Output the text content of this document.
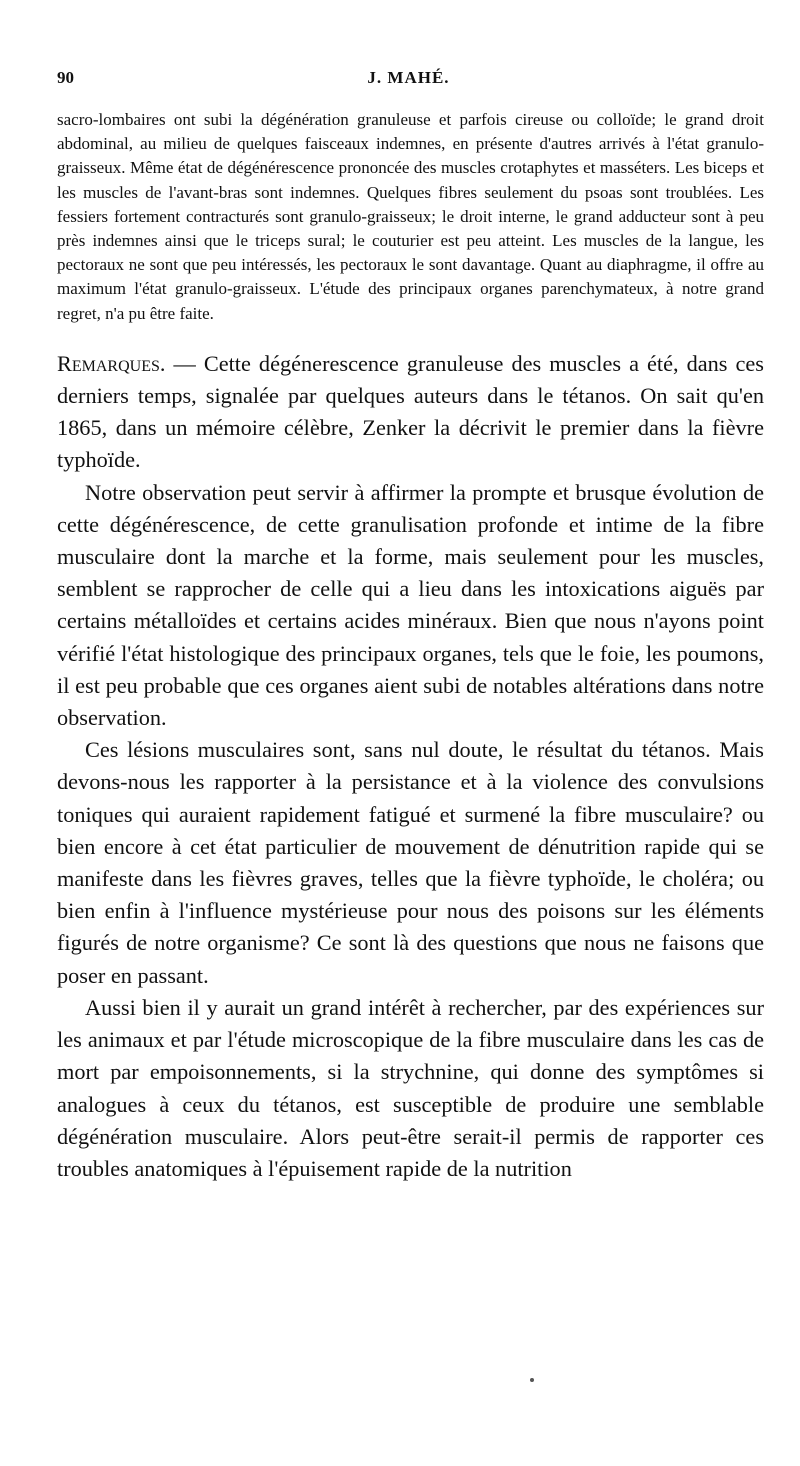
90	J. MAHÉ.

sacro-lombaires ont subi la dégénération granuleuse et parfois cireuse ou colloïde; le grand droit abdominal, au milieu de quelques faisceaux indemnes, en présente d'autres arrivés à l'état granulo-graisseux. Même état de dégénérescence prononcée des muscles crotaphytes et masséters. Les biceps et les muscles de l'avant-bras sont indemnes. Quelques fibres seulement du psoas sont troublées. Les fessiers fortement contracturés sont granulo-graisseux; le droit interne, le grand adducteur sont à peu près indemnes ainsi que le triceps sural; le couturier est peu atteint. Les muscles de la langue, les pectoraux ne sont que peu intéressés, les pectoraux le sont davantage. Quant au diaphragme, il offre au maximum l'état granulo-graisseux. L'étude des principaux organes parenchymateux, à notre grand regret, n'a pu être faite.

Remarques. — Cette dégénerescence granuleuse des muscles a été, dans ces derniers temps, signalée par quelques auteurs dans le tétanos. On sait qu'en 1865, dans un mémoire célèbre, Zenker la décrivit le premier dans la fièvre typhoïde.

Notre observation peut servir à affirmer la prompte et brusque évolution de cette dégénérescence, de cette granulisation profonde et intime de la fibre musculaire dont la marche et la forme, mais seulement pour les muscles, semblent se rapprocher de celle qui a lieu dans les intoxications aiguës par certains métalloïdes et certains acides minéraux. Bien que nous n'ayons point vérifié l'état histologique des principaux organes, tels que le foie, les poumons, il est peu probable que ces organes aient subi de notables altérations dans notre observation.

Ces lésions musculaires sont, sans nul doute, le résultat du tétanos. Mais devons-nous les rapporter à la persistance et à la violence des convulsions toniques qui auraient rapidement fatigué et surmené la fibre musculaire? ou bien encore à cet état particulier de mouvement de dénutrition rapide qui se manifeste dans les fièvres graves, telles que la fièvre typhoïde, le choléra; ou bien enfin à l'influence mystérieuse pour nous des poisons sur les éléments figurés de notre organisme? Ce sont là des questions que nous ne faisons que poser en passant.

Aussi bien il y aurait un grand intérêt à rechercher, par des expériences sur les animaux et par l'étude microscopique de la fibre musculaire dans les cas de mort par empoisonnements, si la strychnine, qui donne des symptômes si analogues à ceux du tétanos, est susceptible de produire une semblable dégénération musculaire. Alors peut-être serait-il permis de rapporter ces troubles anatomiques à l'épuisement rapide de la nutrition
